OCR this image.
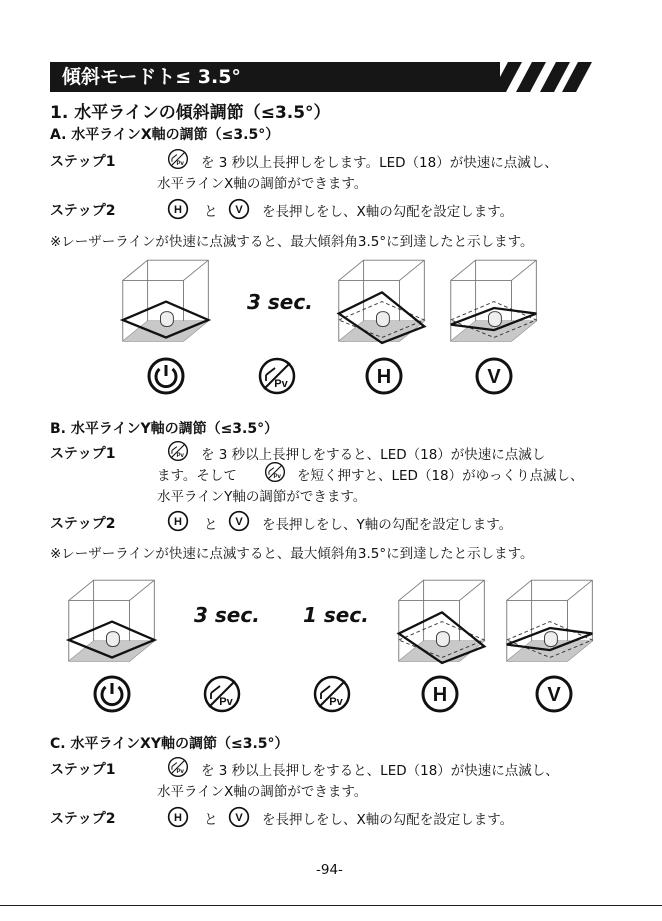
傾斜モードト≤ 3.5°
1. 水平ラインの傾斜調節（≤3.5°）
A. 水平ラインX軸の調節（≤3.5°）
ステップ1	を 3 秒以上長押しをします。LED（18）が快速に点滅し、
水平ラインX軸の調節ができます。
ステップ2	と	を長押しをし、X軸の勾配を設定します。
※レーザーラインが快速に点滅すると、最大傾斜角3.5°に到達したと示します。
3 sec.
B. 水平ラインY軸の調節（≤3.5°）
ステップ1	を 3 秒以上長押しをすると、LED（18）が快速に点滅し
ます。そして	を短く押すと、LED（18）がゆっくり点滅し、
水平ラインY軸の調節ができます。
ステップ2	と	を長押しをし、Y軸の勾配を設定します。
※レーザーラインが快速に点滅すると、最大傾斜角3.5°に到達したと示します。
3 sec. 1 sec.
C. 水平ラインXY軸の調節（≤3.5°）
ステップ1	を 3 秒以上長押しをすると、LED（18）が快速に点滅し、
水平ラインX軸の調節ができます。
ステップ2	と	を長押しをし、X軸の勾配を設定します。
-94-
